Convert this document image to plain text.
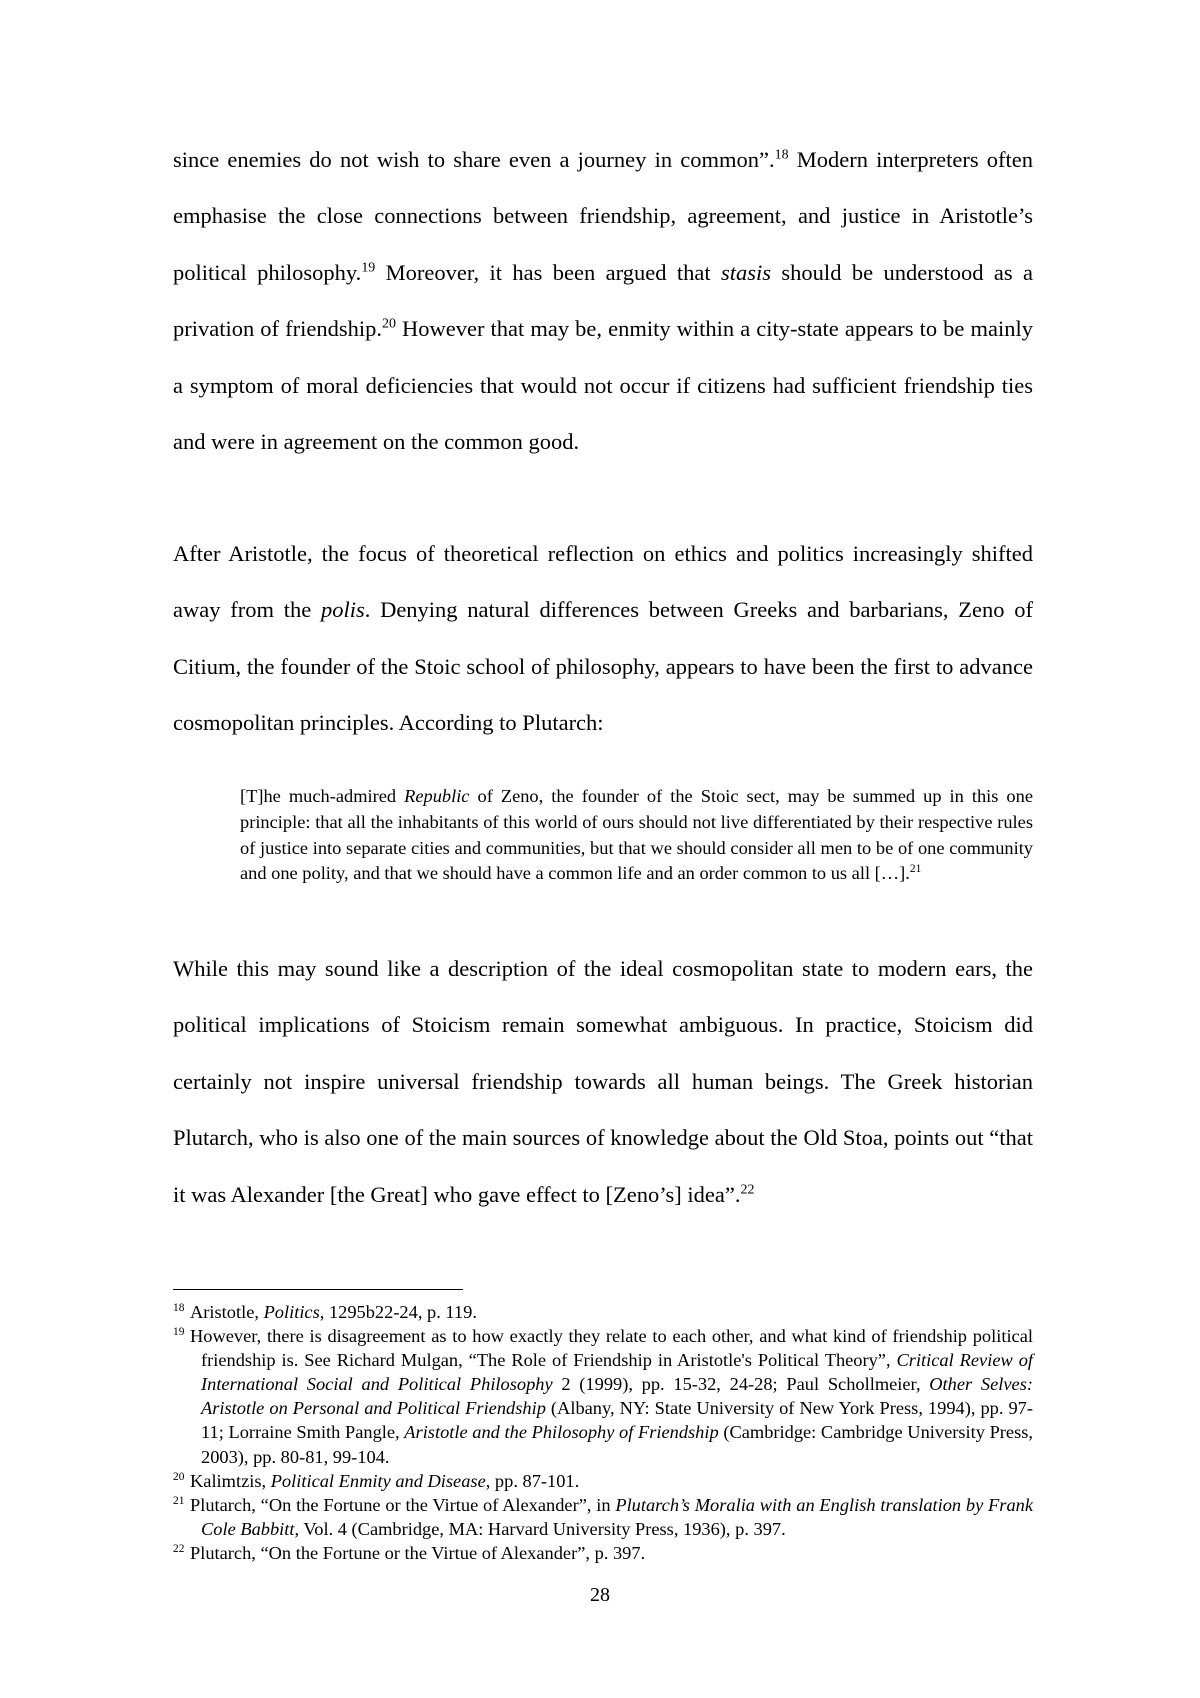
since enemies do not wish to share even a journey in common”.$^{18}$ Modern interpreters often emphasise the close connections between friendship, agreement, and justice in Aristotle’s political philosophy.$^{19}$ Moreover, it has been argued that stasis should be understood as a privation of friendship.$^{20}$ However that may be, enmity within a city-state appears to be mainly a symptom of moral deficiencies that would not occur if citizens had sufficient friendship ties and were in agreement on the common good.

After Aristotle, the focus of theoretical reflection on ethics and politics increasingly shifted away from the polis. Denying natural differences between Greeks and barbarians, Zeno of Citium, the founder of the Stoic school of philosophy, appears to have been the first to advance cosmopolitan principles. According to Plutarch:

[T]he much-admired Republic of Zeno, the founder of the Stoic sect, may be summed up in this one principle: that all the inhabitants of this world of ours should not live differentiated by their respective rules of justice into separate cities and communities, but that we should consider all men to be of one community and one polity, and that we should have a common life and an order common to us all […].$^{21}$

While this may sound like a description of the ideal cosmopolitan state to modern ears, the political implications of Stoicism remain somewhat ambiguous. In practice, Stoicism did certainly not inspire universal friendship towards all human beings. The Greek historian Plutarch, who is also one of the main sources of knowledge about the Old Stoa, points out “that it was Alexander [the Great] who gave effect to [Zeno’s] idea”.$^{22}$

18 Aristotle, Politics, 1295b22-24, p. 119.
19 However, there is disagreement as to how exactly they relate to each other, and what kind of friendship political friendship is. See Richard Mulgan, “The Role of Friendship in Aristotle's Political Theory”, Critical Review of International Social and Political Philosophy 2 (1999), pp. 15-32, 24-28; Paul Schollmeier, Other Selves: Aristotle on Personal and Political Friendship (Albany, NY: State University of New York Press, 1994), pp. 97-11; Lorraine Smith Pangle, Aristotle and the Philosophy of Friendship (Cambridge: Cambridge University Press, 2003), pp. 80-81, 99-104.
20 Kalimtzis, Political Enmity and Disease, pp. 87-101.
21 Plutarch, “On the Fortune or the Virtue of Alexander”, in Plutarch’s Moralia with an English translation by Frank Cole Babbitt, Vol. 4 (Cambridge, MA: Harvard University Press, 1936), p. 397.
22 Plutarch, “On the Fortune or the Virtue of Alexander”, p. 397.
28
